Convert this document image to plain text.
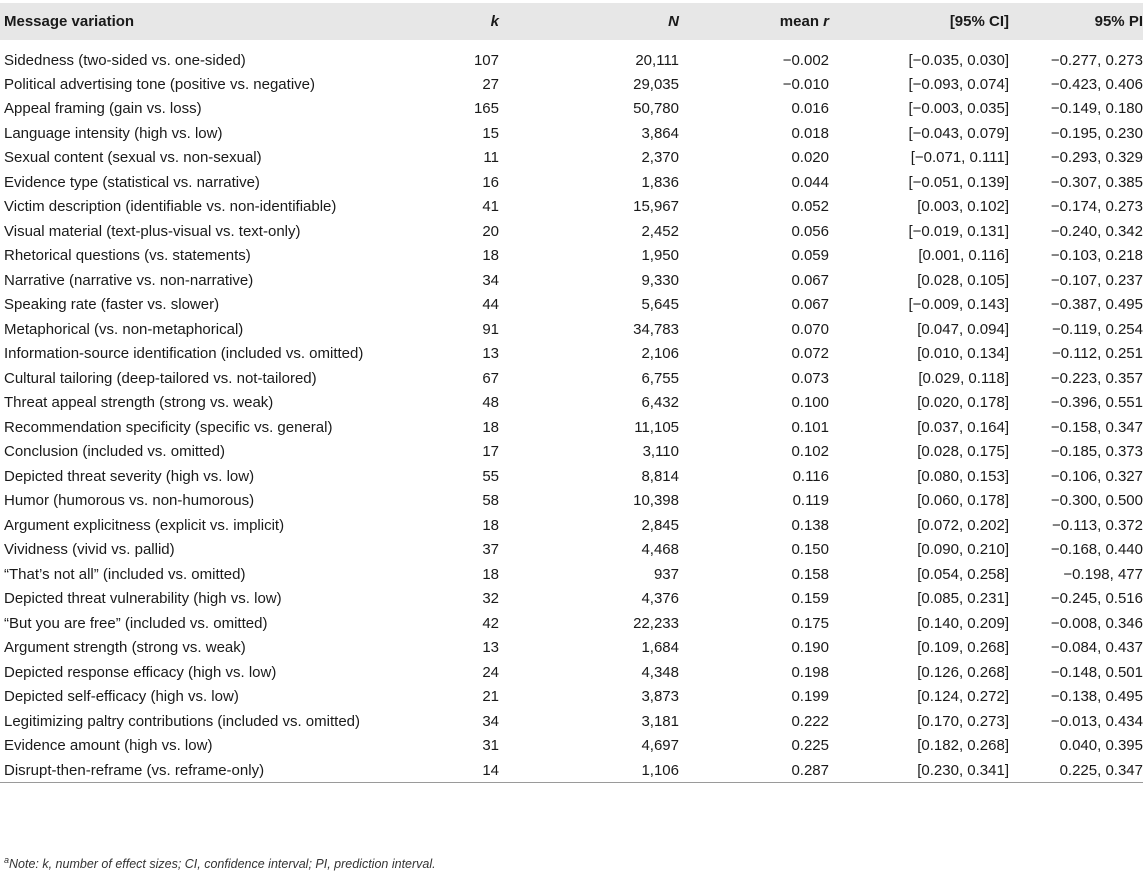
Message variation	k	N	mean r	[95% CI]	95% PI
Sidedness (two-sided vs. one-sided)	107	20,111	−0.002	[−0.035, 0.030]	−0.277, 0.273
Political advertising tone (positive vs. negative)	27	29,035	−0.010	[−0.093, 0.074]	−0.423, 0.406
Appeal framing (gain vs. loss)	165	50,780	0.016	[−0.003, 0.035]	−0.149, 0.180
Language intensity (high vs. low)	15	3,864	0.018	[−0.043, 0.079]	−0.195, 0.230
Sexual content (sexual vs. non-sexual)	11	2,370	0.020	[−0.071, 0.111]	−0.293, 0.329
Evidence type (statistical vs. narrative)	16	1,836	0.044	[−0.051, 0.139]	−0.307, 0.385
Victim description (identifiable vs. non-identifiable)	41	15,967	0.052	[0.003, 0.102]	−0.174, 0.273
Visual material (text-plus-visual vs. text-only)	20	2,452	0.056	[−0.019, 0.131]	−0.240, 0.342
Rhetorical questions (vs. statements)	18	1,950	0.059	[0.001, 0.116]	−0.103, 0.218
Narrative (narrative vs. non-narrative)	34	9,330	0.067	[0.028, 0.105]	−0.107, 0.237
Speaking rate (faster vs. slower)	44	5,645	0.067	[−0.009, 0.143]	−0.387, 0.495
Metaphorical (vs. non-metaphorical)	91	34,783	0.070	[0.047, 0.094]	−0.119, 0.254
Information-source identification (included vs. omitted)	13	2,106	0.072	[0.010, 0.134]	−0.112, 0.251
Cultural tailoring (deep-tailored vs. not-tailored)	67	6,755	0.073	[0.029, 0.118]	−0.223, 0.357
Threat appeal strength (strong vs. weak)	48	6,432	0.100	[0.020, 0.178]	−0.396, 0.551
Recommendation specificity (specific vs. general)	18	11,105	0.101	[0.037, 0.164]	−0.158, 0.347
Conclusion (included vs. omitted)	17	3,110	0.102	[0.028, 0.175]	−0.185, 0.373
Depicted threat severity (high vs. low)	55	8,814	0.116	[0.080, 0.153]	−0.106, 0.327
Humor (humorous vs. non-humorous)	58	10,398	0.119	[0.060, 0.178]	−0.300, 0.500
Argument explicitness (explicit vs. implicit)	18	2,845	0.138	[0.072, 0.202]	−0.113, 0.372
Vividness (vivid vs. pallid)	37	4,468	0.150	[0.090, 0.210]	−0.168, 0.440
“That’s not all” (included vs. omitted)	18	937	0.158	[0.054, 0.258]	−0.198, 477
Depicted threat vulnerability (high vs. low)	32	4,376	0.159	[0.085, 0.231]	−0.245, 0.516
“But you are free” (included vs. omitted)	42	22,233	0.175	[0.140, 0.209]	−0.008, 0.346
Argument strength (strong vs. weak)	13	1,684	0.190	[0.109, 0.268]	−0.084, 0.437
Depicted response efficacy (high vs. low)	24	4,348	0.198	[0.126, 0.268]	−0.148, 0.501
Depicted self-efficacy (high vs. low)	21	3,873	0.199	[0.124, 0.272]	−0.138, 0.495
Legitimizing paltry contributions (included vs. omitted)	34	3,181	0.222	[0.170, 0.273]	−0.013, 0.434
Evidence amount (high vs. low)	31	4,697	0.225	[0.182, 0.268]	0.040, 0.395
Disrupt-then-reframe (vs. reframe-only)	14	1,106	0.287	[0.230, 0.341]	0.225, 0.347
$^a$Note: k, number of effect sizes; CI, confidence interval; PI, prediction interval.
